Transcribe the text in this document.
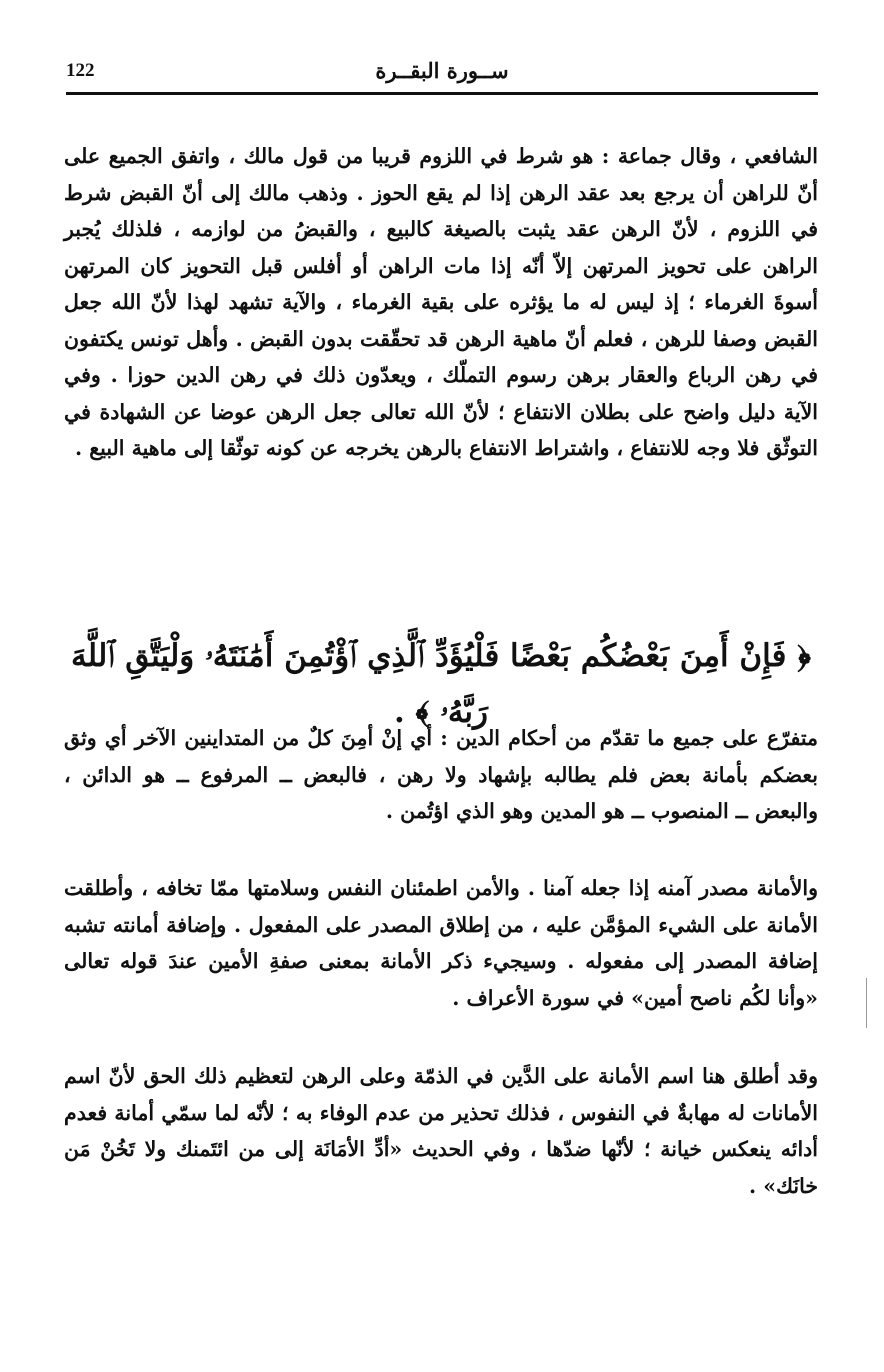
122	ســورة البقــرة

الشافعي ، وقال جماعة : هو شرط في اللزوم قريبا من قول مالك ، واتفق الجميع على أنّ للراهن أن يرجع بعد عقد الرهن إذا لم يقع الحوز . وذهب مالك إلى أنّ القبض شرط في اللزوم ، لأنّ الرهن عقد يثبت بالصيغة كالبيع ، والقبضُ من لوازمه ، فلذلك يُجبر الراهن على تحويز المرتهن إلاّ أنّه إذا مات الراهن أو أفلس قبل التحويز كان المرتهن أسوةَ الغرماء ؛ إذ ليس له ما يؤثره على بقية الغرماء ، والآية تشهد لهذا لأنّ الله جعل القبض وصفا للرهن ، فعلم أنّ ماهية الرهن قد تحقّقت بدون القبض . وأهل تونس يكتفون في رهن الرباع والعقار برهن رسوم التملّك ، ويعدّون ذلك في رهن الدين حوزا . وفي الآية دليل واضح على بطلان الانتفاع ؛ لأنّ الله تعالى جعل الرهن عوضا عن الشهادة في التوثّق فلا وجه للانتفاع ، واشتراط الانتفاع بالرهن يخرجه عن كونه توثّقا إلى ماهية البيع .

﴿ فَإِنْ أَمِنَ بَعْضُكُم بَعْضًا فَلْيُؤَدِّ ٱلَّذِي ٱؤْتُمِنَ أَمَٰنَتَهُۥ وَلْيَتَّقِ ٱللَّهَ رَبَّهُۥ ﴾ .

متفرّع على جميع ما تقدّم من أحكام الدين : أي إنْ أمِنَ كلٌ من المتداينين الآخر أي وثق بعضكم بأمانة بعض فلم يطالبه بإشهاد ولا رهن ، فالبعض ــ المرفوع ــ هو الدائن ، والبعض ــ المنصوب ــ هو المدين وهو الذي اؤتُمن .

والأمانة مصدر آمنه إذا جعله آمنا . والأمن اطمئنان النفس وسلامتها ممّا تخافه ، وأطلقت الأمانة على الشيء المؤمَّن عليه ، من إطلاق المصدر على المفعول . وإضافة أمانته تشبه إضافة المصدر إلى مفعوله . وسيجيء ذكر الأمانة بمعنى صفةِ الأمين عندَ قوله تعالى «وأنا لكُم ناصح أمين» في سورة الأعراف .

وقد أطلق هنا اسم الأمانة على الدَّين في الذمّة وعلى الرهن لتعظيم ذلك الحق لأنّ اسم الأمانات له مهابةٌ في النفوس ، فذلك تحذير من عدم الوفاء به ؛ لأنّه لما سمّي أمانة فعدم أدائه ينعكس خيانة ؛ لأنّها ضدّها ، وفي الحديث «أدِّ الأمَانَة إلى من ائتَمنك ولا تَخُنْ مَن خانَك» .
